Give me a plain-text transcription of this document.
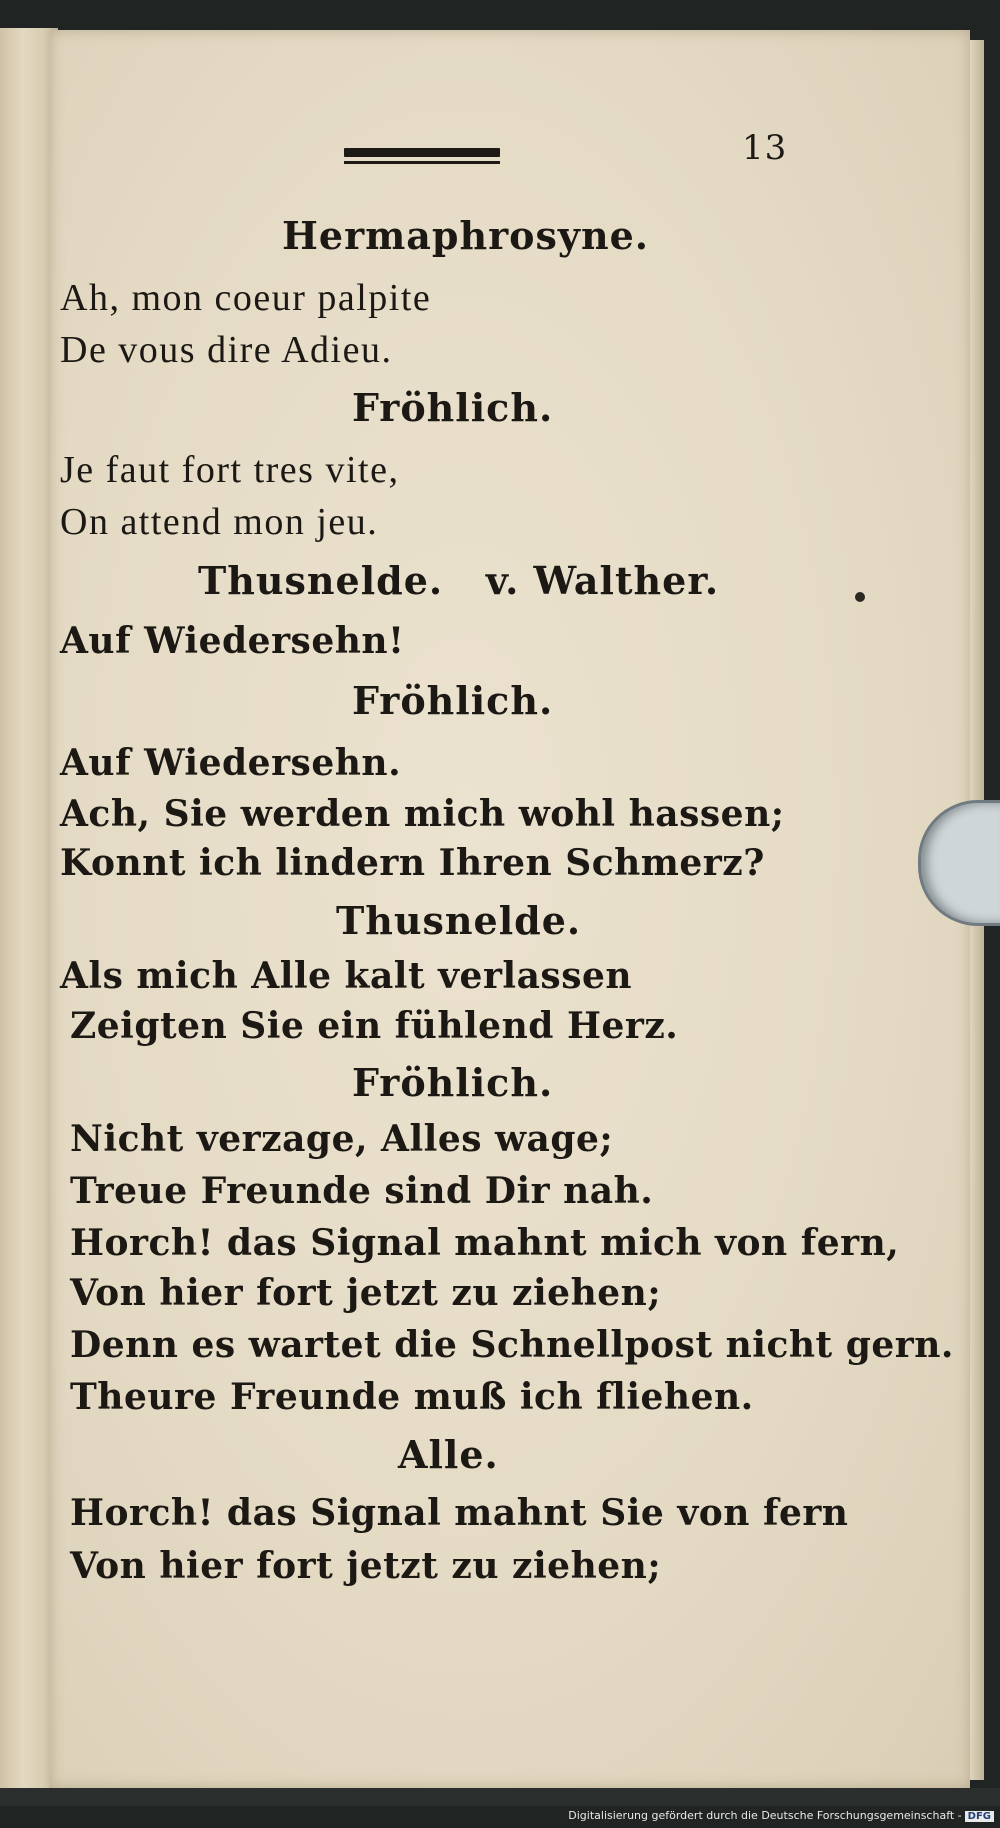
13
Hermaphrosyne.
Ah, mon coeur palpite
De vous dire Adieu.
Fröhlich.
Je faut fort tres vite,
On attend mon jeu.
Thusnelde.   v. Walther.
Auf Wiedersehn!
Fröhlich.
Auf Wiedersehn.
Ach, Sie werden mich wohl hassen;
Konnt ich lindern Ihren Schmerz?
Thusnelde.
Als mich Alle kalt verlassen
Zeigten Sie ein fühlend Herz.
Fröhlich.
Nicht verzage, Alles wage;
Treue Freunde sind Dir nah.
Horch! das Signal mahnt mich von fern,
Von hier fort jetzt zu ziehen;
Denn es wartet die Schnellpost nicht gern.
Theure Freunde muß ich fliehen.
Alle.
Horch! das Signal mahnt Sie von fern
Von hier fort jetzt zu ziehen;
Digitalisierung gefördert durch die Deutsche Forschungsgemeinschaft - DFG
